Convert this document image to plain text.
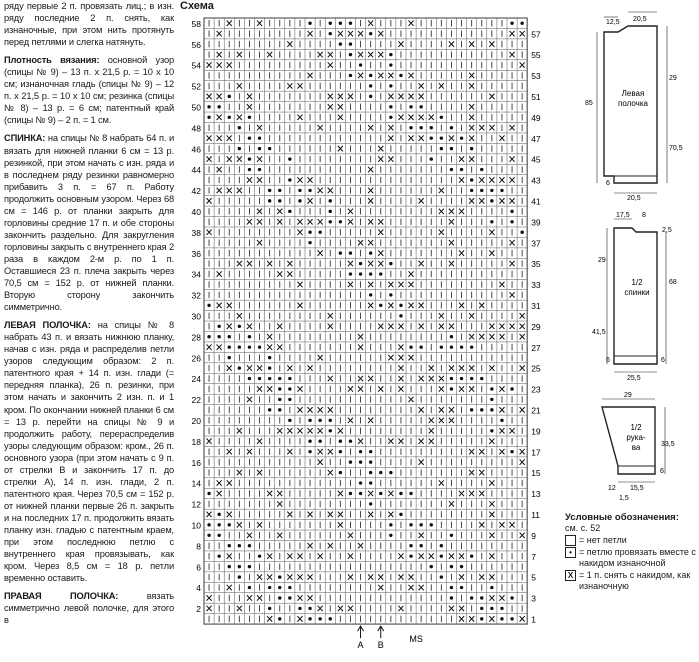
ряду первые 2 п. провязать лиц.; в изн. ряду последние 2 п. снять, как изнаночные, при этом нить протянуть перед петлями и слегка натянуть.

Плотность вязания: основной узор (спицы № 9) – 13 п. х 21,5 р. = 10 х 10 см; изнаночная гладь (спицы № 9) – 12 п. х 21,5 р. = 10 х 10 см; резинка (спицы № 8) – 13 р. = 6 см; патентный край (спицы № 9) – 2 п. = 1 см.

СПИНКА: на спицы № 8 набрать 64 п. и вязать для нижней планки 6 см = 13 р. резинкой, при этом начать с изн. ряда и в последнем ряду резинки равномерно прибавить 3 п. = 67 п. Работу продолжить основным узором. Через 68 см = 146 р. от планки закрыть для горловины средние 17 п. и обе стороны закончить раздельно. Для закругления горловины закрыть с внутреннего края 2 раза в каждом 2-м р. по 1 п. Оставшиеся 23 п. плеча закрыть через 70,5 см = 152 р. от нижней планки. Вторую сторону закончить симметрично.

ЛЕВАЯ ПОЛОЧКА: на спицы № 8 набрать 43 п. и вязать нижнюю планку, начав с изн. ряда и распределив петли узоров следующим образом: 2 п. патентного края + 14 п. изн. глади (= передняя планка), 26 п. резинки, при этом начать и закончить 2 изн. п. и 1 кром. По окончании нижней планки 6 см = 13 р. перейти на спицы № 9 и продолжить работу, перераспределив узоры следующим образом: кром., 26 п. основного узора (при этом начать с 9 п. от стрелки В и закончить 17 п. до стрелки А), 14 п. изн. глади, 2 п. патентного края. Через 70,5 см = 152 р. от нижней планки первые 26 п. закрыть и на последних 17 п. продолжить вязать планку изн. гладью с патентным краем, при этом последнюю петлю с внутреннего края провязывать, как кром. Через 8,5 см = 18 р. петли временно оставить.

ПРАВАЯ ПОЛОЧКА: вязать симметрично левой полочке, для этого в

Схема
58
56
54
52
50
48
46
44
42
40
38
36
34
32
30
28
26
24
22
20
18
16
14
12
10
8
6
4
2
57
55
53
51
49
47
45
43
41
39
37
35
33
31
29
27
25
23
21
19
17
15
13
11
9
7
5
3
1
A B
MS
12,5 20,5
85
70,5
29
6
20,5
Левая
полочка
17,5 8
2,5
29
41,5
68
6	6
25,5
1/2
спинки
29
33,5
12
6
15,5
1,5
1/2
рука-
ва
Условные обозначения:
см. с. 52
= нет петли
• = петлю провязать вместе с накидом изнаночной
X = 1 п. снять с накидом, как изнаночную
